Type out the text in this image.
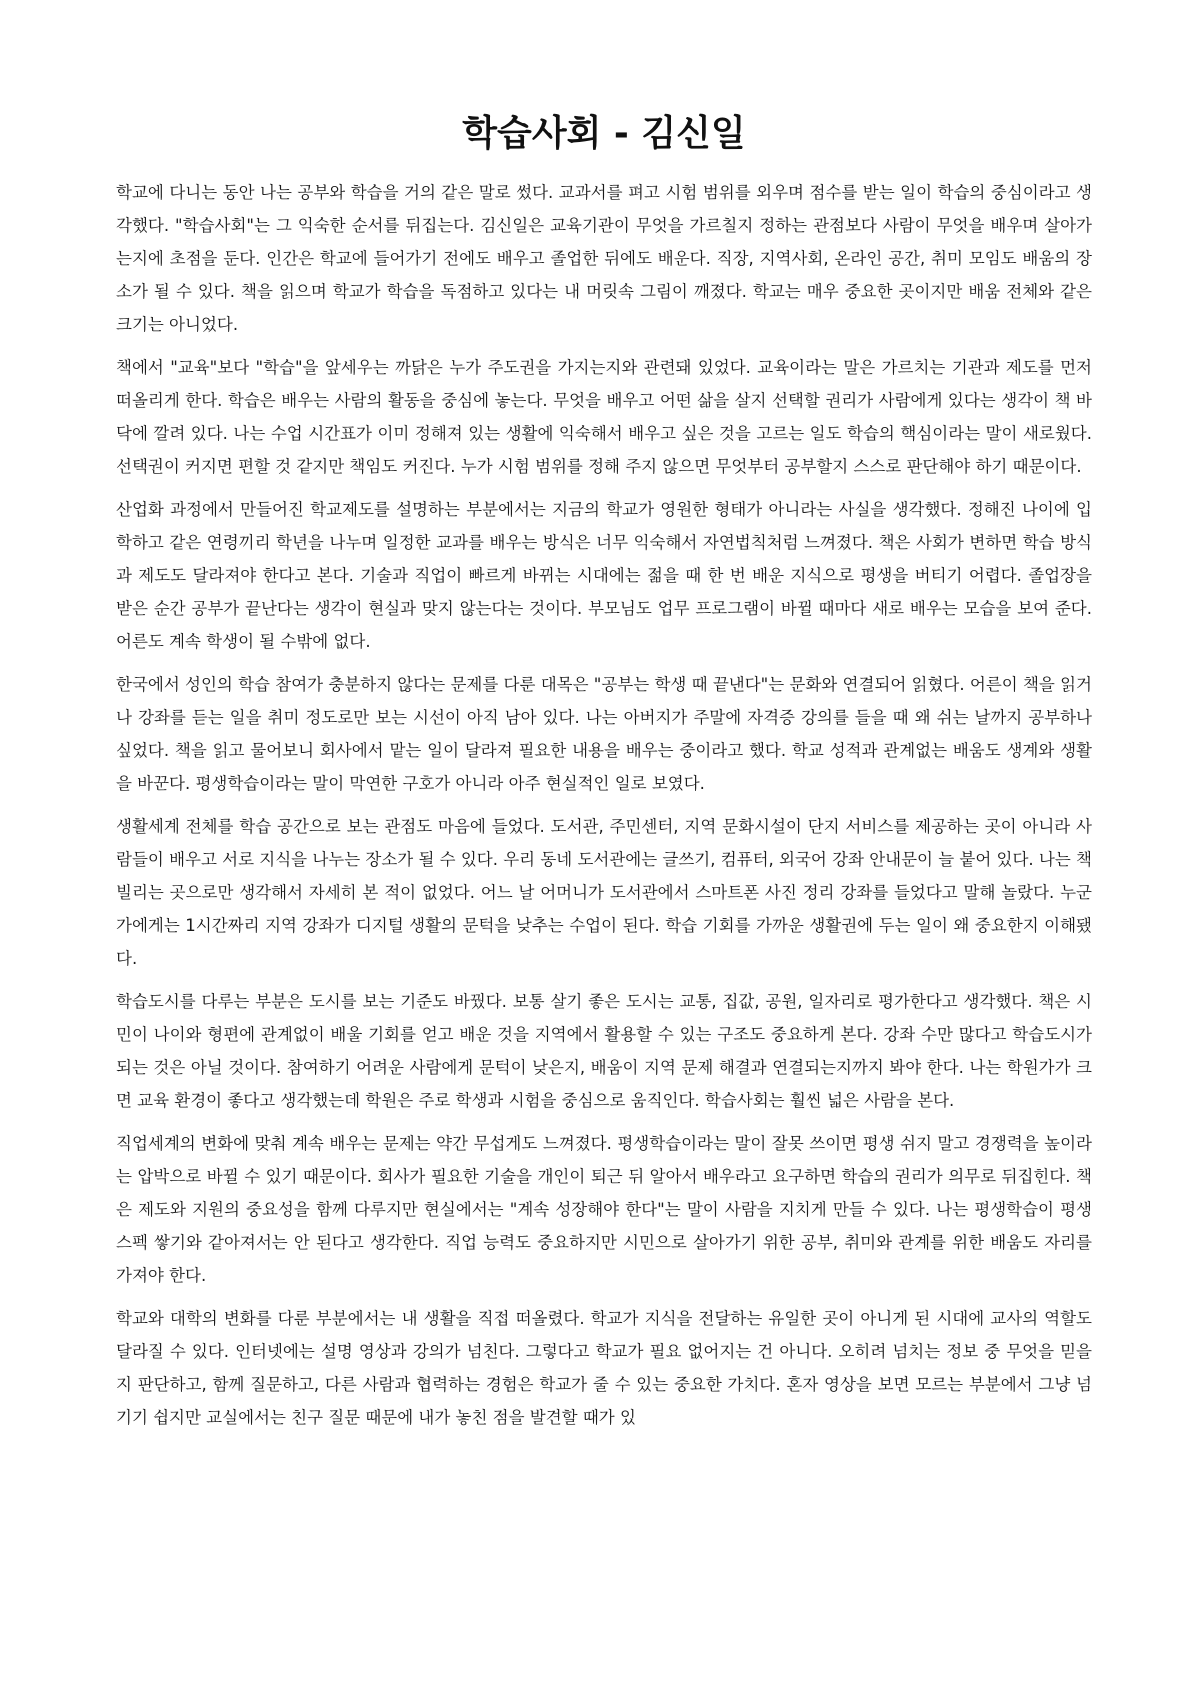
학습사회 - 김신일

학교에 다니는 동안 나는 공부와 학습을 거의 같은 말로 썼다. 교과서를 펴고 시험 범위를 외우며 점수를 받는 일이 학습의 중심이라고 생각했다. "학습사회"는 그 익숙한 순서를 뒤집는다. 김신일은 교육기관이 무엇을 가르칠지 정하는 관점보다 사람이 무엇을 배우며 살아가는지에 초점을 둔다. 인간은 학교에 들어가기 전에도 배우고 졸업한 뒤에도 배운다. 직장, 지역사회, 온라인 공간, 취미 모임도 배움의 장소가 될 수 있다. 책을 읽으며 학교가 학습을 독점하고 있다는 내 머릿속 그림이 깨졌다. 학교는 매우 중요한 곳이지만 배움 전체와 같은 크기는 아니었다.

책에서 "교육"보다 "학습"을 앞세우는 까닭은 누가 주도권을 가지는지와 관련돼 있었다. 교육이라는 말은 가르치는 기관과 제도를 먼저 떠올리게 한다. 학습은 배우는 사람의 활동을 중심에 놓는다. 무엇을 배우고 어떤 삶을 살지 선택할 권리가 사람에게 있다는 생각이 책 바닥에 깔려 있다. 나는 수업 시간표가 이미 정해져 있는 생활에 익숙해서 배우고 싶은 것을 고르는 일도 학습의 핵심이라는 말이 새로웠다. 선택권이 커지면 편할 것 같지만 책임도 커진다. 누가 시험 범위를 정해 주지 않으면 무엇부터 공부할지 스스로 판단해야 하기 때문이다.

산업화 과정에서 만들어진 학교제도를 설명하는 부분에서는 지금의 학교가 영원한 형태가 아니라는 사실을 생각했다. 정해진 나이에 입학하고 같은 연령끼리 학년을 나누며 일정한 교과를 배우는 방식은 너무 익숙해서 자연법칙처럼 느껴졌다. 책은 사회가 변하면 학습 방식과 제도도 달라져야 한다고 본다. 기술과 직업이 빠르게 바뀌는 시대에는 젊을 때 한 번 배운 지식으로 평생을 버티기 어렵다. 졸업장을 받은 순간 공부가 끝난다는 생각이 현실과 맞지 않는다는 것이다. 부모님도 업무 프로그램이 바뀔 때마다 새로 배우는 모습을 보여 준다. 어른도 계속 학생이 될 수밖에 없다.

한국에서 성인의 학습 참여가 충분하지 않다는 문제를 다룬 대목은 "공부는 학생 때 끝낸다"는 문화와 연결되어 읽혔다. 어른이 책을 읽거나 강좌를 듣는 일을 취미 정도로만 보는 시선이 아직 남아 있다. 나는 아버지가 주말에 자격증 강의를 들을 때 왜 쉬는 날까지 공부하나 싶었다. 책을 읽고 물어보니 회사에서 맡는 일이 달라져 필요한 내용을 배우는 중이라고 했다. 학교 성적과 관계없는 배움도 생계와 생활을 바꾼다. 평생학습이라는 말이 막연한 구호가 아니라 아주 현실적인 일로 보였다.

생활세계 전체를 학습 공간으로 보는 관점도 마음에 들었다. 도서관, 주민센터, 지역 문화시설이 단지 서비스를 제공하는 곳이 아니라 사람들이 배우고 서로 지식을 나누는 장소가 될 수 있다. 우리 동네 도서관에는 글쓰기, 컴퓨터, 외국어 강좌 안내문이 늘 붙어 있다. 나는 책 빌리는 곳으로만 생각해서 자세히 본 적이 없었다. 어느 날 어머니가 도서관에서 스마트폰 사진 정리 강좌를 들었다고 말해 놀랐다. 누군가에게는 1시간짜리 지역 강좌가 디지털 생활의 문턱을 낮추는 수업이 된다. 학습 기회를 가까운 생활권에 두는 일이 왜 중요한지 이해됐다.

학습도시를 다루는 부분은 도시를 보는 기준도 바꿨다. 보통 살기 좋은 도시는 교통, 집값, 공원, 일자리로 평가한다고 생각했다. 책은 시민이 나이와 형편에 관계없이 배울 기회를 얻고 배운 것을 지역에서 활용할 수 있는 구조도 중요하게 본다. 강좌 수만 많다고 학습도시가 되는 것은 아닐 것이다. 참여하기 어려운 사람에게 문턱이 낮은지, 배움이 지역 문제 해결과 연결되는지까지 봐야 한다. 나는 학원가가 크면 교육 환경이 좋다고 생각했는데 학원은 주로 학생과 시험을 중심으로 움직인다. 학습사회는 훨씬 넓은 사람을 본다.

직업세계의 변화에 맞춰 계속 배우는 문제는 약간 무섭게도 느껴졌다. 평생학습이라는 말이 잘못 쓰이면 평생 쉬지 말고 경쟁력을 높이라는 압박으로 바뀔 수 있기 때문이다. 회사가 필요한 기술을 개인이 퇴근 뒤 알아서 배우라고 요구하면 학습의 권리가 의무로 뒤집힌다. 책은 제도와 지원의 중요성을 함께 다루지만 현실에서는 "계속 성장해야 한다"는 말이 사람을 지치게 만들 수 있다. 나는 평생학습이 평생 스펙 쌓기와 같아져서는 안 된다고 생각한다. 직업 능력도 중요하지만 시민으로 살아가기 위한 공부, 취미와 관계를 위한 배움도 자리를 가져야 한다.

학교와 대학의 변화를 다룬 부분에서는 내 생활을 직접 떠올렸다. 학교가 지식을 전달하는 유일한 곳이 아니게 된 시대에 교사의 역할도 달라질 수 있다. 인터넷에는 설명 영상과 강의가 넘친다. 그렇다고 학교가 필요 없어지는 건 아니다. 오히려 넘치는 정보 중 무엇을 믿을지 판단하고, 함께 질문하고, 다른 사람과 협력하는 경험은 학교가 줄 수 있는 중요한 가치다. 혼자 영상을 보면 모르는 부분에서 그냥 넘기기 쉽지만 교실에서는 친구 질문 때문에 내가 놓친 점을 발견할 때가 있
